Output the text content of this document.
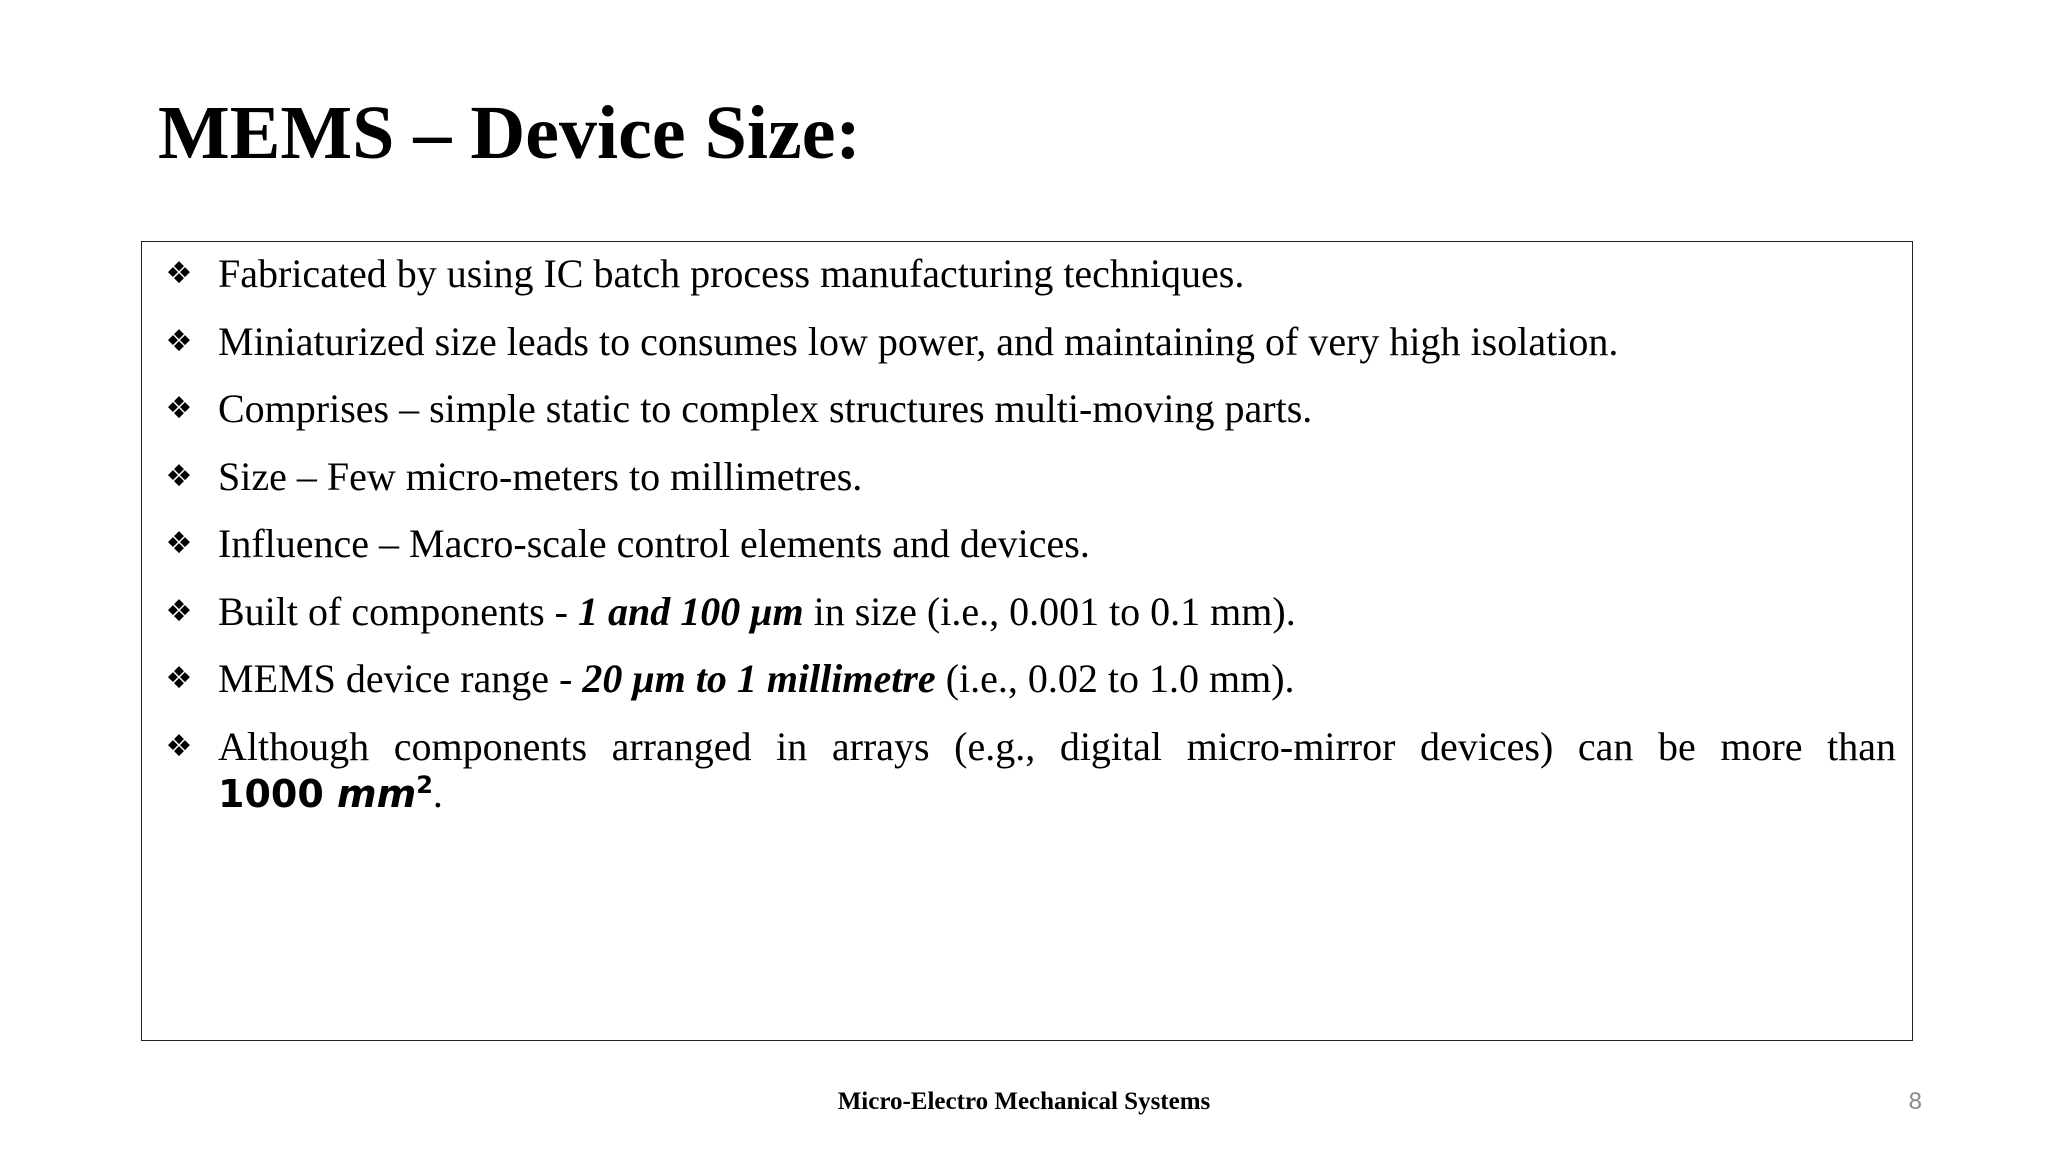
MEMS – Device Size:
❖ Fabricated by using IC batch process manufacturing techniques.
❖ Miniaturized size leads to consumes low power, and maintaining of very high isolation.
❖ Comprises – simple static to complex structures multi-moving parts.
❖ Size – Few micro-meters to millimetres.
❖ Influence – Macro-scale control elements and devices.
❖ Built of components - 1 and 100 μm in size (i.e., 0.001 to 0.1 mm).
❖ MEMS device range - 20 μm to 1 millimetre (i.e., 0.02 to 1.0 mm).
❖ Although components arranged in arrays (e.g., digital micro-mirror devices) can be more than 1000 $mm^2$.
Micro-Electro Mechanical Systems	8
